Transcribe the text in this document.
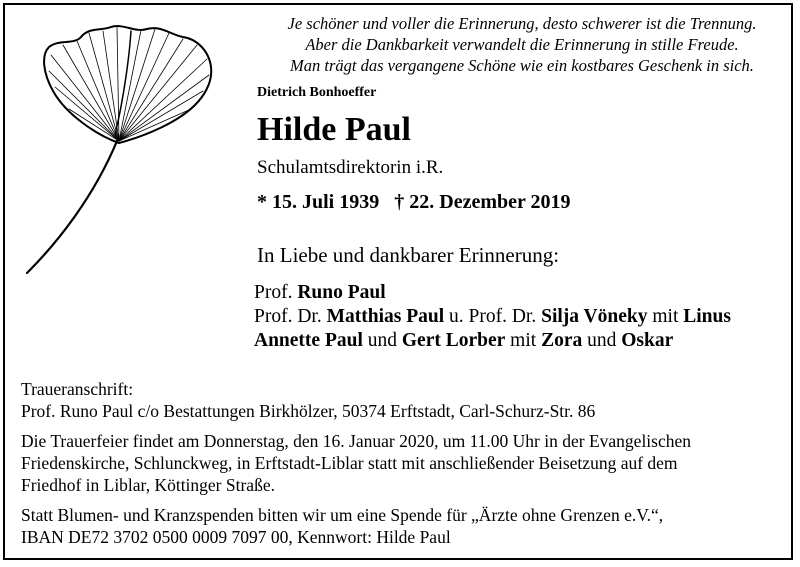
Je schöner und voller die Erinnerung, desto schwerer ist die Trennung.
Aber die Dankbarkeit verwandelt die Erinnerung in stille Freude.
Man trägt das vergangene Schöne wie ein kostbares Geschenk in sich.
Dietrich Bonhoeffer
Hilde Paul
Schulamtsdirektorin i.R.
* 15. Juli 1939 † 22. Dezember 2019
In Liebe und dankbarer Erinnerung:
Prof. Runo Paul
Prof. Dr. Matthias Paul u. Prof. Dr. Silja Vöneky mit Linus
Annette Paul und Gert Lorber mit Zora und Oskar
Traueranschrift:
Prof. Runo Paul c/o Bestattungen Birkhölzer, 50374 Erftstadt, Carl-Schurz-Str. 86
Die Trauerfeier findet am Donnerstag, den 16. Januar 2020, um 11.00 Uhr in der Evangelischen
Friedenskirche, Schlunckweg, in Erftstadt-Liblar statt mit anschließender Beisetzung auf dem
Friedhof in Liblar, Köttinger Straße.
Statt Blumen- und Kranzspenden bitten wir um eine Spende für „Ärzte ohne Grenzen e.V.“,
IBAN DE72 3702 0500 0009 7097 00, Kennwort: Hilde Paul
